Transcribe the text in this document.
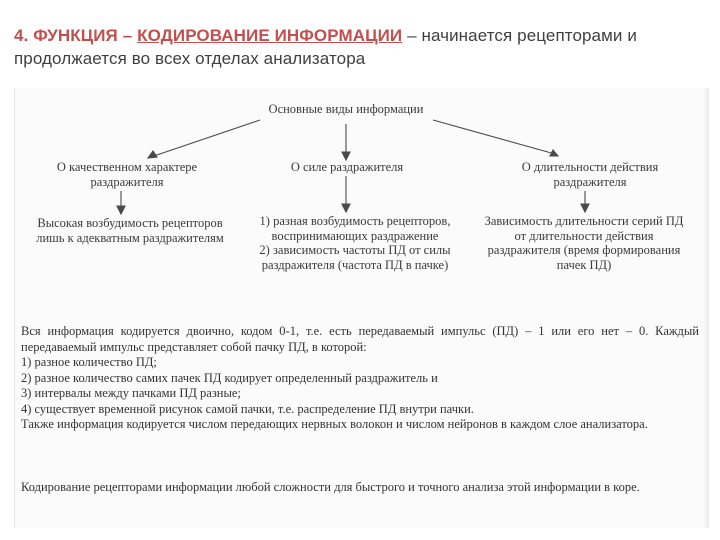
4. ФУНКЦИЯ – КОДИРОВАНИЕ ИНФОРМАЦИИ – начинается рецепторами и продолжается во всех отделах анализатора
Основные виды информации
О качественном характере
раздражителя
О силе раздражителя	О длительности действия
раздражителя
Высокая возбудимость рецепторов
лишь к адекватным раздражителям
1) разная возбудимость рецепторов,
воспринимающих раздражение
2) зависимость частоты ПД от силы
раздражителя (частота ПД в пачке)
Зависимость длительности серий ПД
от длительности действия
раздражителя (время формирования
пачек ПД)

Вся информация кодируется двоично, кодом 0-1, т.е. есть передаваемый импульс (ПД) – 1 или его нет – 0. Каждый передаваемый импульс представляет собой пачку ПД, в которой:

1) разное количество ПД;

2) разное количество самих пачек ПД кодирует определенный раздражитель и

3) интервалы между пачками ПД разные;

4) существует временной рисунок самой пачки, т.е. распределение ПД внутри пачки.

Также информация кодируется числом передающих нервных волокон и числом нейронов в каждом слое анализатора.

Кодирование рецепторами информации любой сложности для быстрого и точного анализа этой информации в коре.
